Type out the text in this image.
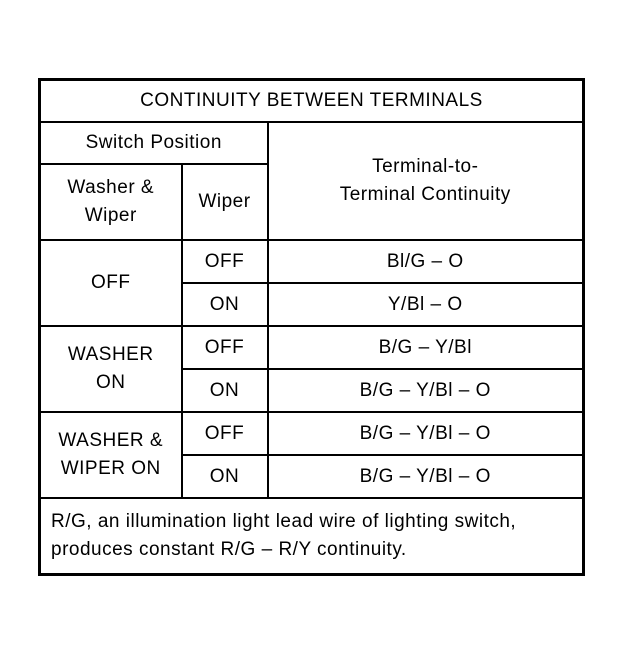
CONTINUITY BETWEEN TERMINALS		
Switch Position		Terminal-to-
Terminal Continuity

Washer &
Wiper	Wiper	

OFF	OFF	Bl/G – O
	ON	Y/Bl – O

WASHER
ON	OFF	B/G – Y/Bl
	ON	B/G – Y/Bl – O

WASHER &
WIPER ON	OFF	B/G – Y/Bl – O
	ON	B/G – Y/Bl – O

R/G, an illumination light lead wire of lighting switch,
produces constant R/G – R/Y continuity.		
